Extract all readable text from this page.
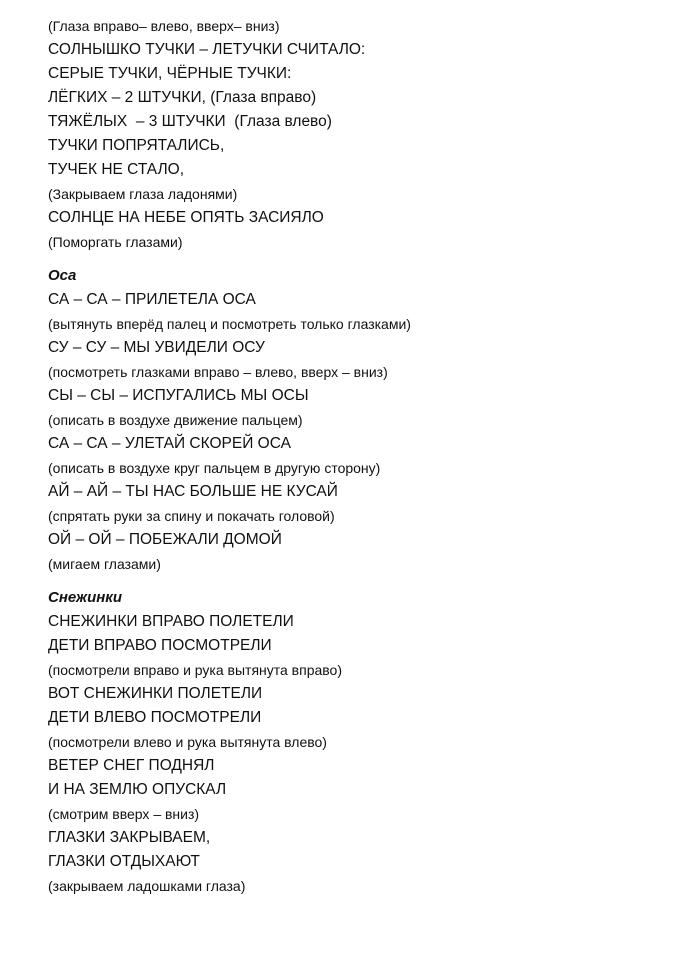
(Глаза вправо– влево, вверх– вниз)
СОЛНЫШКО ТУЧКИ – ЛЕТУЧКИ СЧИТАЛО:
СЕРЫЕ ТУЧКИ, ЧЁРНЫЕ ТУЧКИ:
ЛЁГКИХ – 2 ШТУЧКИ, (Глаза вправо)
ТЯЖЁЛЫХ  – 3 ШТУЧКИ  (Глаза влево)
ТУЧКИ ПОПРЯТАЛИСЬ,
ТУЧЕК НЕ СТАЛО,
(Закрываем глаза ладонями)
СОЛНЦЕ НА НЕБЕ ОПЯТЬ ЗАСИЯЛО
(Поморгать глазами)
Оса
СА – СА – ПРИЛЕТЕЛА ОСА
(вытянуть вперёд палец и посмотреть только глазками)
СУ – СУ – МЫ УВИДЕЛИ ОСУ
(посмотреть глазками вправо – влево, вверх – вниз)
СЫ – СЫ – ИСПУГАЛИСЬ МЫ ОСЫ
(описать в воздухе движение пальцем)
СА – СА – УЛЕТАЙ СКОРЕЙ ОСА
(описать в воздухе круг пальцем в другую сторону)
АЙ – АЙ – ТЫ НАС БОЛЬШЕ НЕ КУСАЙ
(спрятать руки за спину и покачать головой)
ОЙ – ОЙ – ПОБЕЖАЛИ ДОМОЙ
(мигаем глазами)
Снежинки
СНЕЖИНКИ ВПРАВО ПОЛЕТЕЛИ
ДЕТИ ВПРАВО ПОСМОТРЕЛИ
(посмотрели вправо и рука вытянута вправо)
ВОТ СНЕЖИНКИ ПОЛЕТЕЛИ
ДЕТИ ВЛЕВО ПОСМОТРЕЛИ
(посмотрели влево и рука вытянута влево)
ВЕТЕР СНЕГ ПОДНЯЛ
И НА ЗЕМЛЮ ОПУСКАЛ
(смотрим вверх – вниз)
ГЛАЗКИ ЗАКРЫВАЕМ,
ГЛАЗКИ ОТДЫХАЮТ
(закрываем ладошками глаза)
